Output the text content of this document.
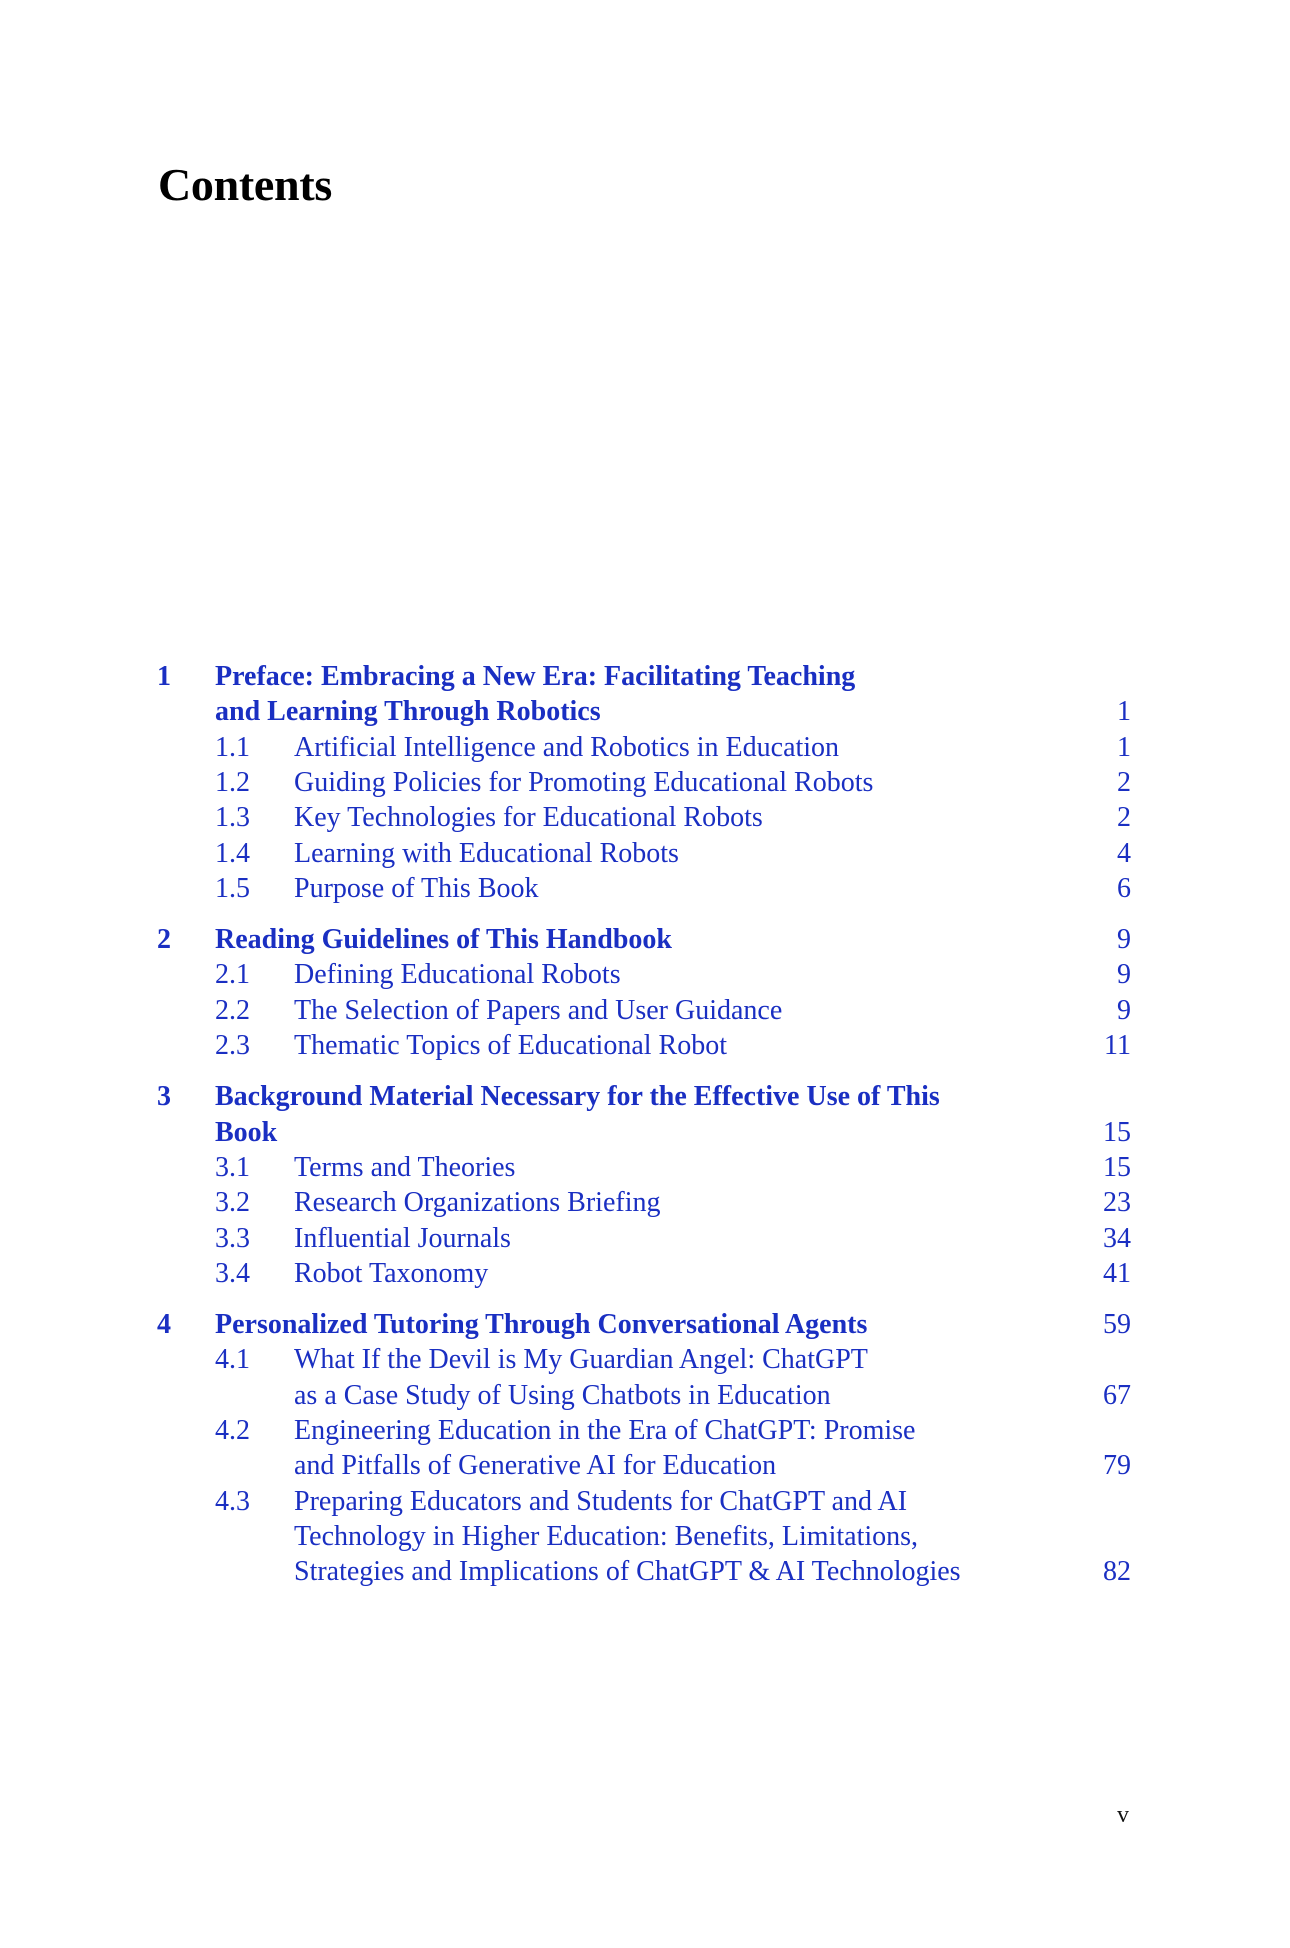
Contents
1 Preface: Embracing a New Era: Facilitating Teaching
and Learning Through Robotics	1
1.1 Artificial Intelligence and Robotics in Education	1
1.2 Guiding Policies for Promoting Educational Robots	2
1.3 Key Technologies for Educational Robots	2
1.4 Learning with Educational Robots	4
1.5 Purpose of This Book	6
2 Reading Guidelines of This Handbook	9
2.1 Defining Educational Robots	9
2.2 The Selection of Papers and User Guidance	9
2.3 Thematic Topics of Educational Robot	11
3 Background Material Necessary for the Effective Use of This
Book	15
3.1 Terms and Theories	15
3.2 Research Organizations Briefing	23
3.3 Influential Journals	34
3.4 Robot Taxonomy	41
4 Personalized Tutoring Through Conversational Agents	59
4.1 What If the Devil is My Guardian Angel: ChatGPT
as a Case Study of Using Chatbots in Education	67
4.2 Engineering Education in the Era of ChatGPT: Promise
and Pitfalls of Generative AI for Education	79
4.3 Preparing Educators and Students for ChatGPT and AI
Technology in Higher Education: Benefits, Limitations,
Strategies and Implications of ChatGPT & AI Technologies	82
v
